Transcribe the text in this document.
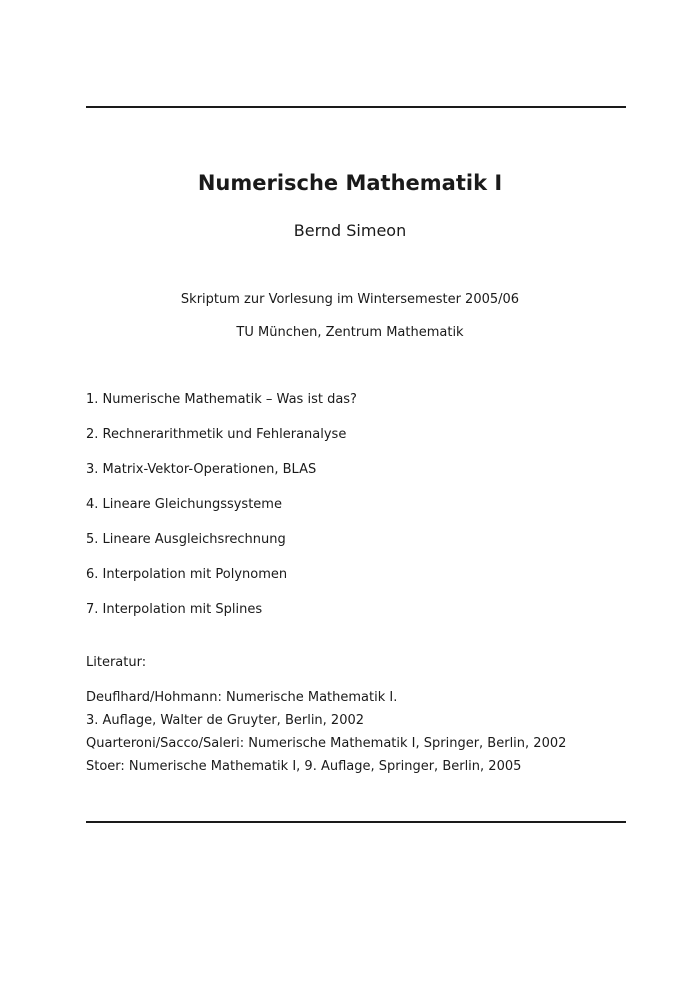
Numerische Mathematik I
Bernd Simeon
Skriptum zur Vorlesung im Wintersemester 2005/06
TU München, Zentrum Mathematik
1. Numerische Mathematik – Was ist das?
2. Rechnerarithmetik und Fehleranalyse
3. Matrix-Vektor-Operationen, BLAS
4. Lineare Gleichungssysteme
5. Lineare Ausgleichsrechnung
6. Interpolation mit Polynomen
7. Interpolation mit Splines
Literatur:
Deuflhard/Hohmann: Numerische Mathematik I.
3. Auflage, Walter de Gruyter, Berlin, 2002
Quarteroni/Sacco/Saleri: Numerische Mathematik I, Springer, Berlin, 2002
Stoer: Numerische Mathematik I, 9. Auflage, Springer, Berlin, 2005
